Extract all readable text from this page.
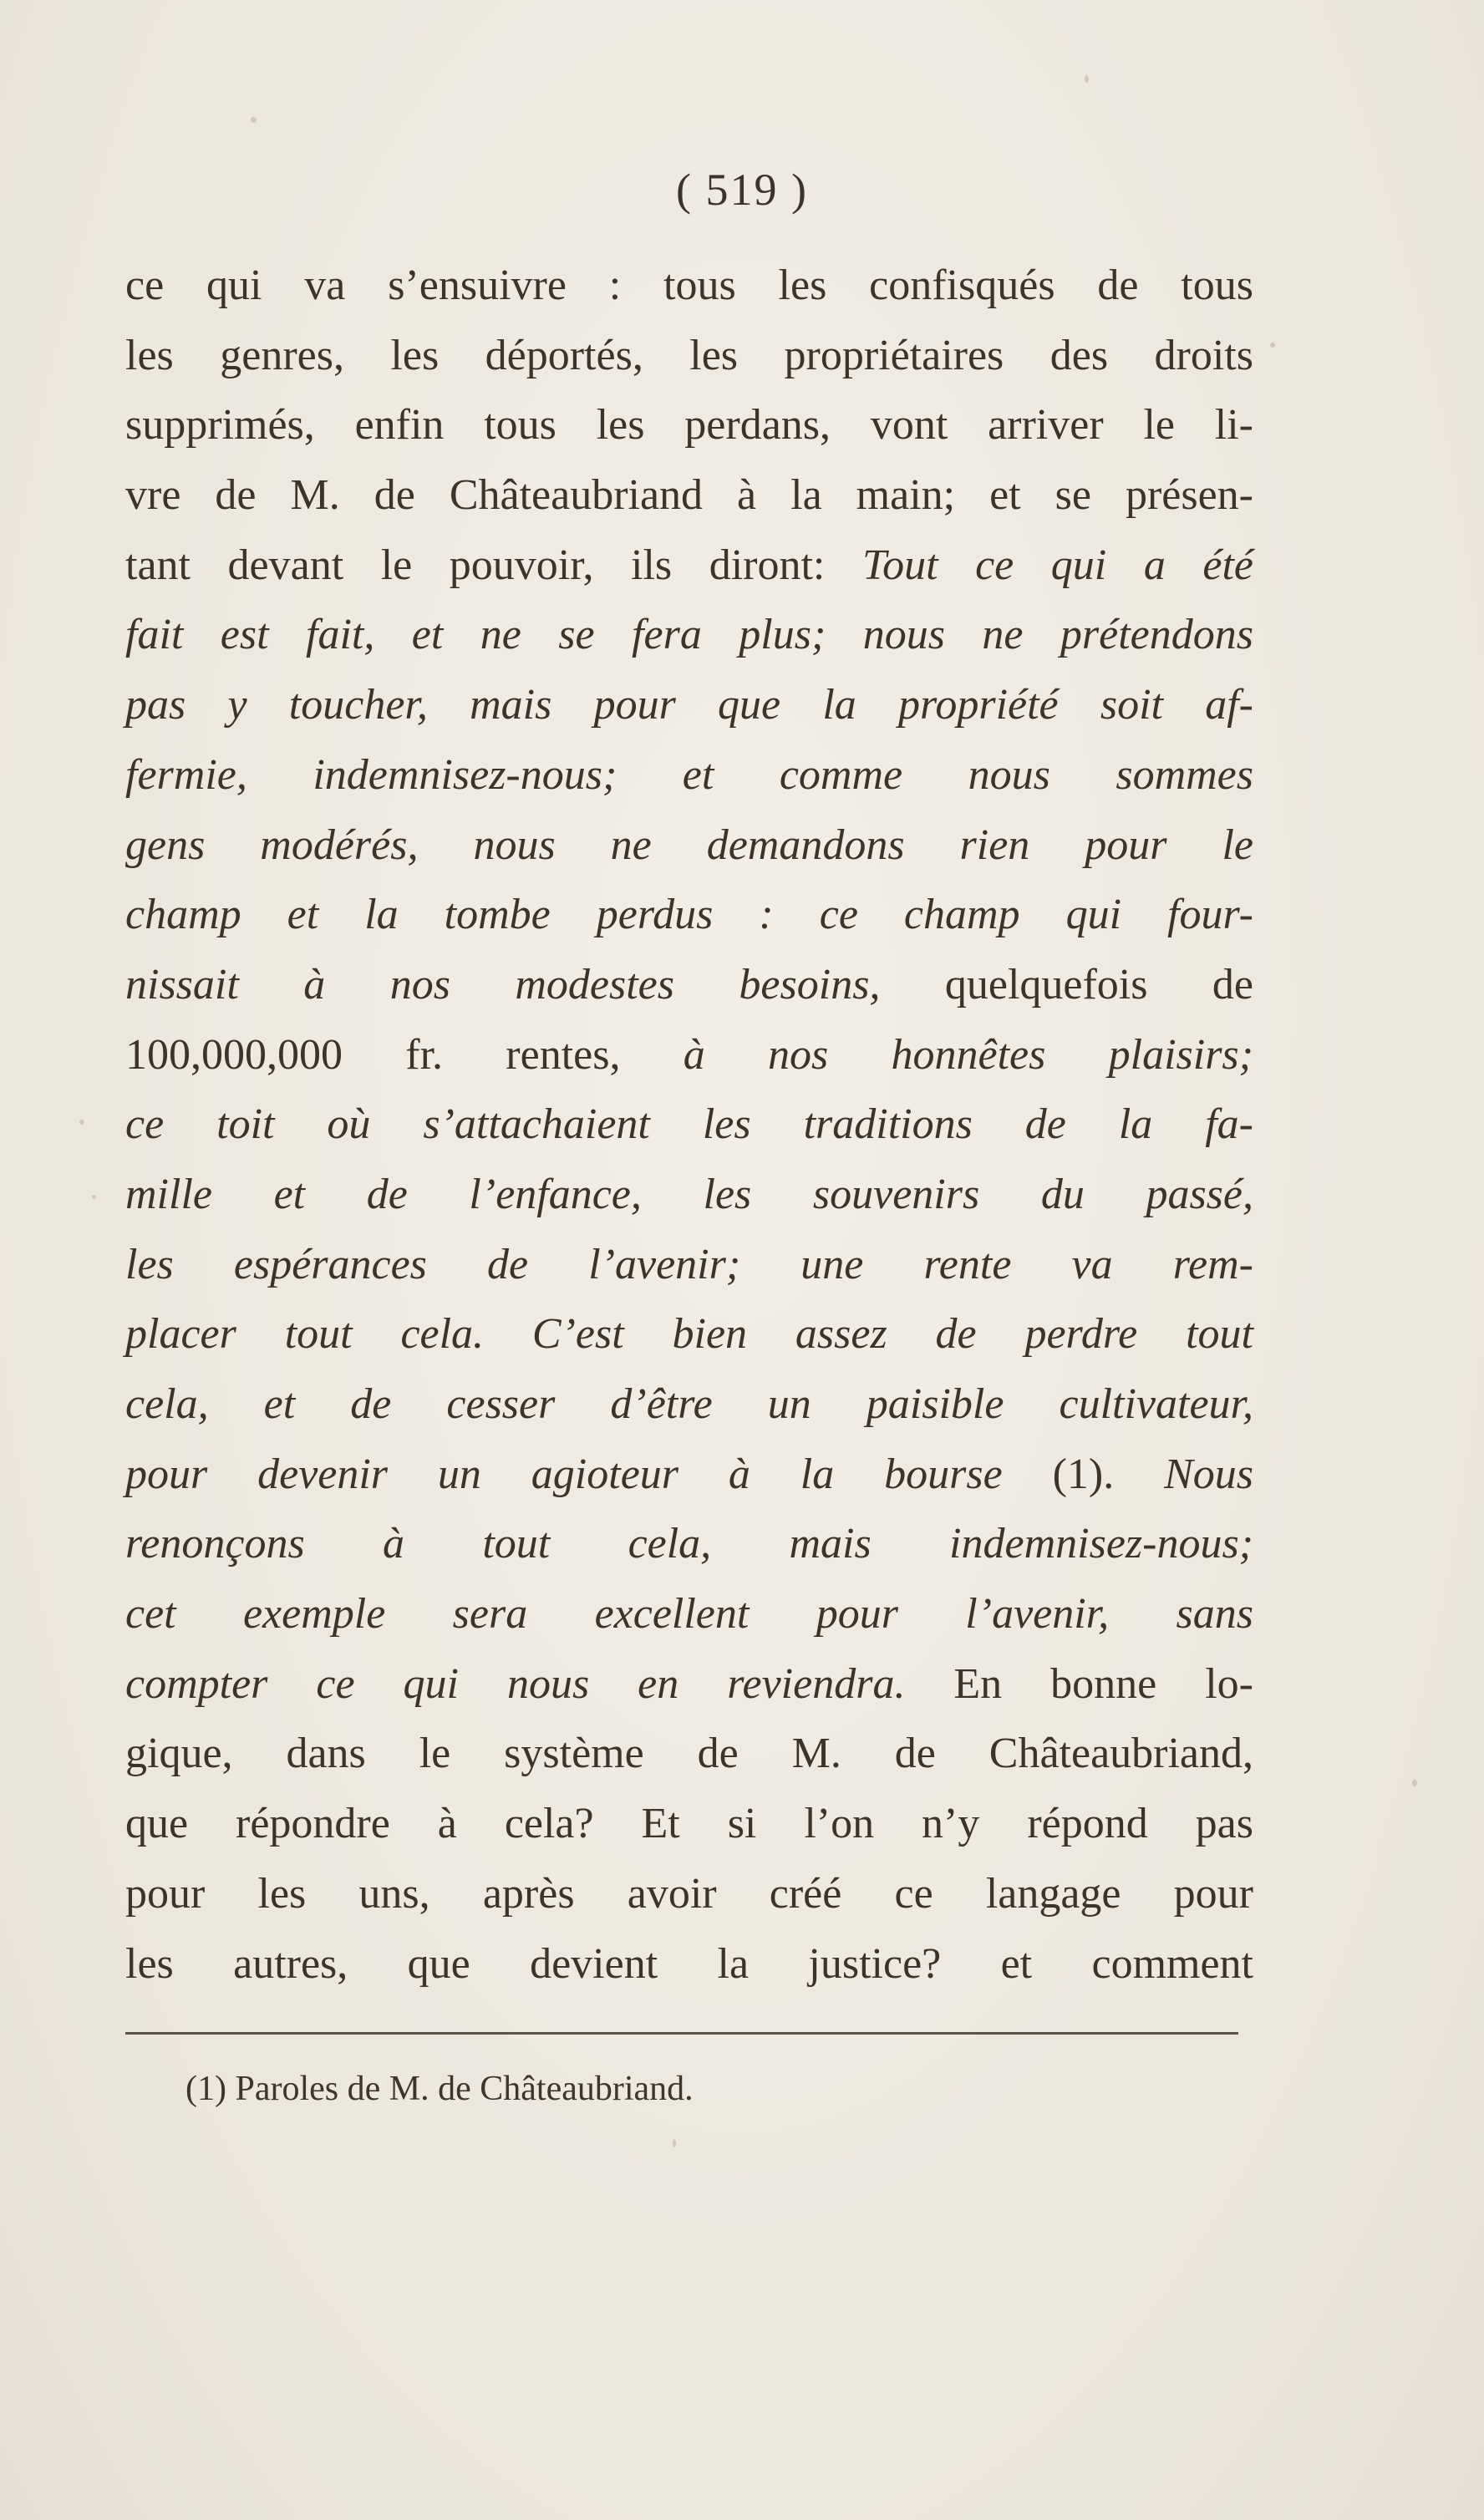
( 519 )
ce qui va s’ensuivre : tous les confisqués de tous
les genres, les déportés, les propriétaires des droits
supprimés, enfin tous les perdans, vont arriver le li-
vre de M. de Châteaubriand à la main; et se présen-
tant devant le pouvoir, ils diront: Tout ce qui a été
fait est fait, et ne se fera plus; nous ne prétendons
pas y toucher, mais pour que la propriété soit af-
fermie, indemnisez-nous; et comme nous sommes
gens modérés, nous ne demandons rien pour le
champ et la tombe perdus : ce champ qui four-
nissait à nos modestes besoins, quelquefois de
100,000,000 fr. rentes, à nos honnêtes plaisirs;
ce toit où s’attachaient les traditions de la fa-
mille et de l’enfance, les souvenirs du passé,
les espérances de l’avenir; une rente va rem-
placer tout cela. C’est bien assez de perdre tout
cela, et de cesser d’être un paisible cultivateur,
pour devenir un agioteur à la bourse (1). Nous
renonçons à tout cela, mais indemnisez-nous;
cet exemple sera excellent pour l’avenir, sans
compter ce qui nous en reviendra. En bonne lo-
gique, dans le système de M. de Châteaubriand,
que répondre à cela? Et si l’on n’y répond pas
pour les uns, après avoir créé ce langage pour
les autres, que devient la justice? et comment
(1) Paroles de M. de Châteaubriand.
